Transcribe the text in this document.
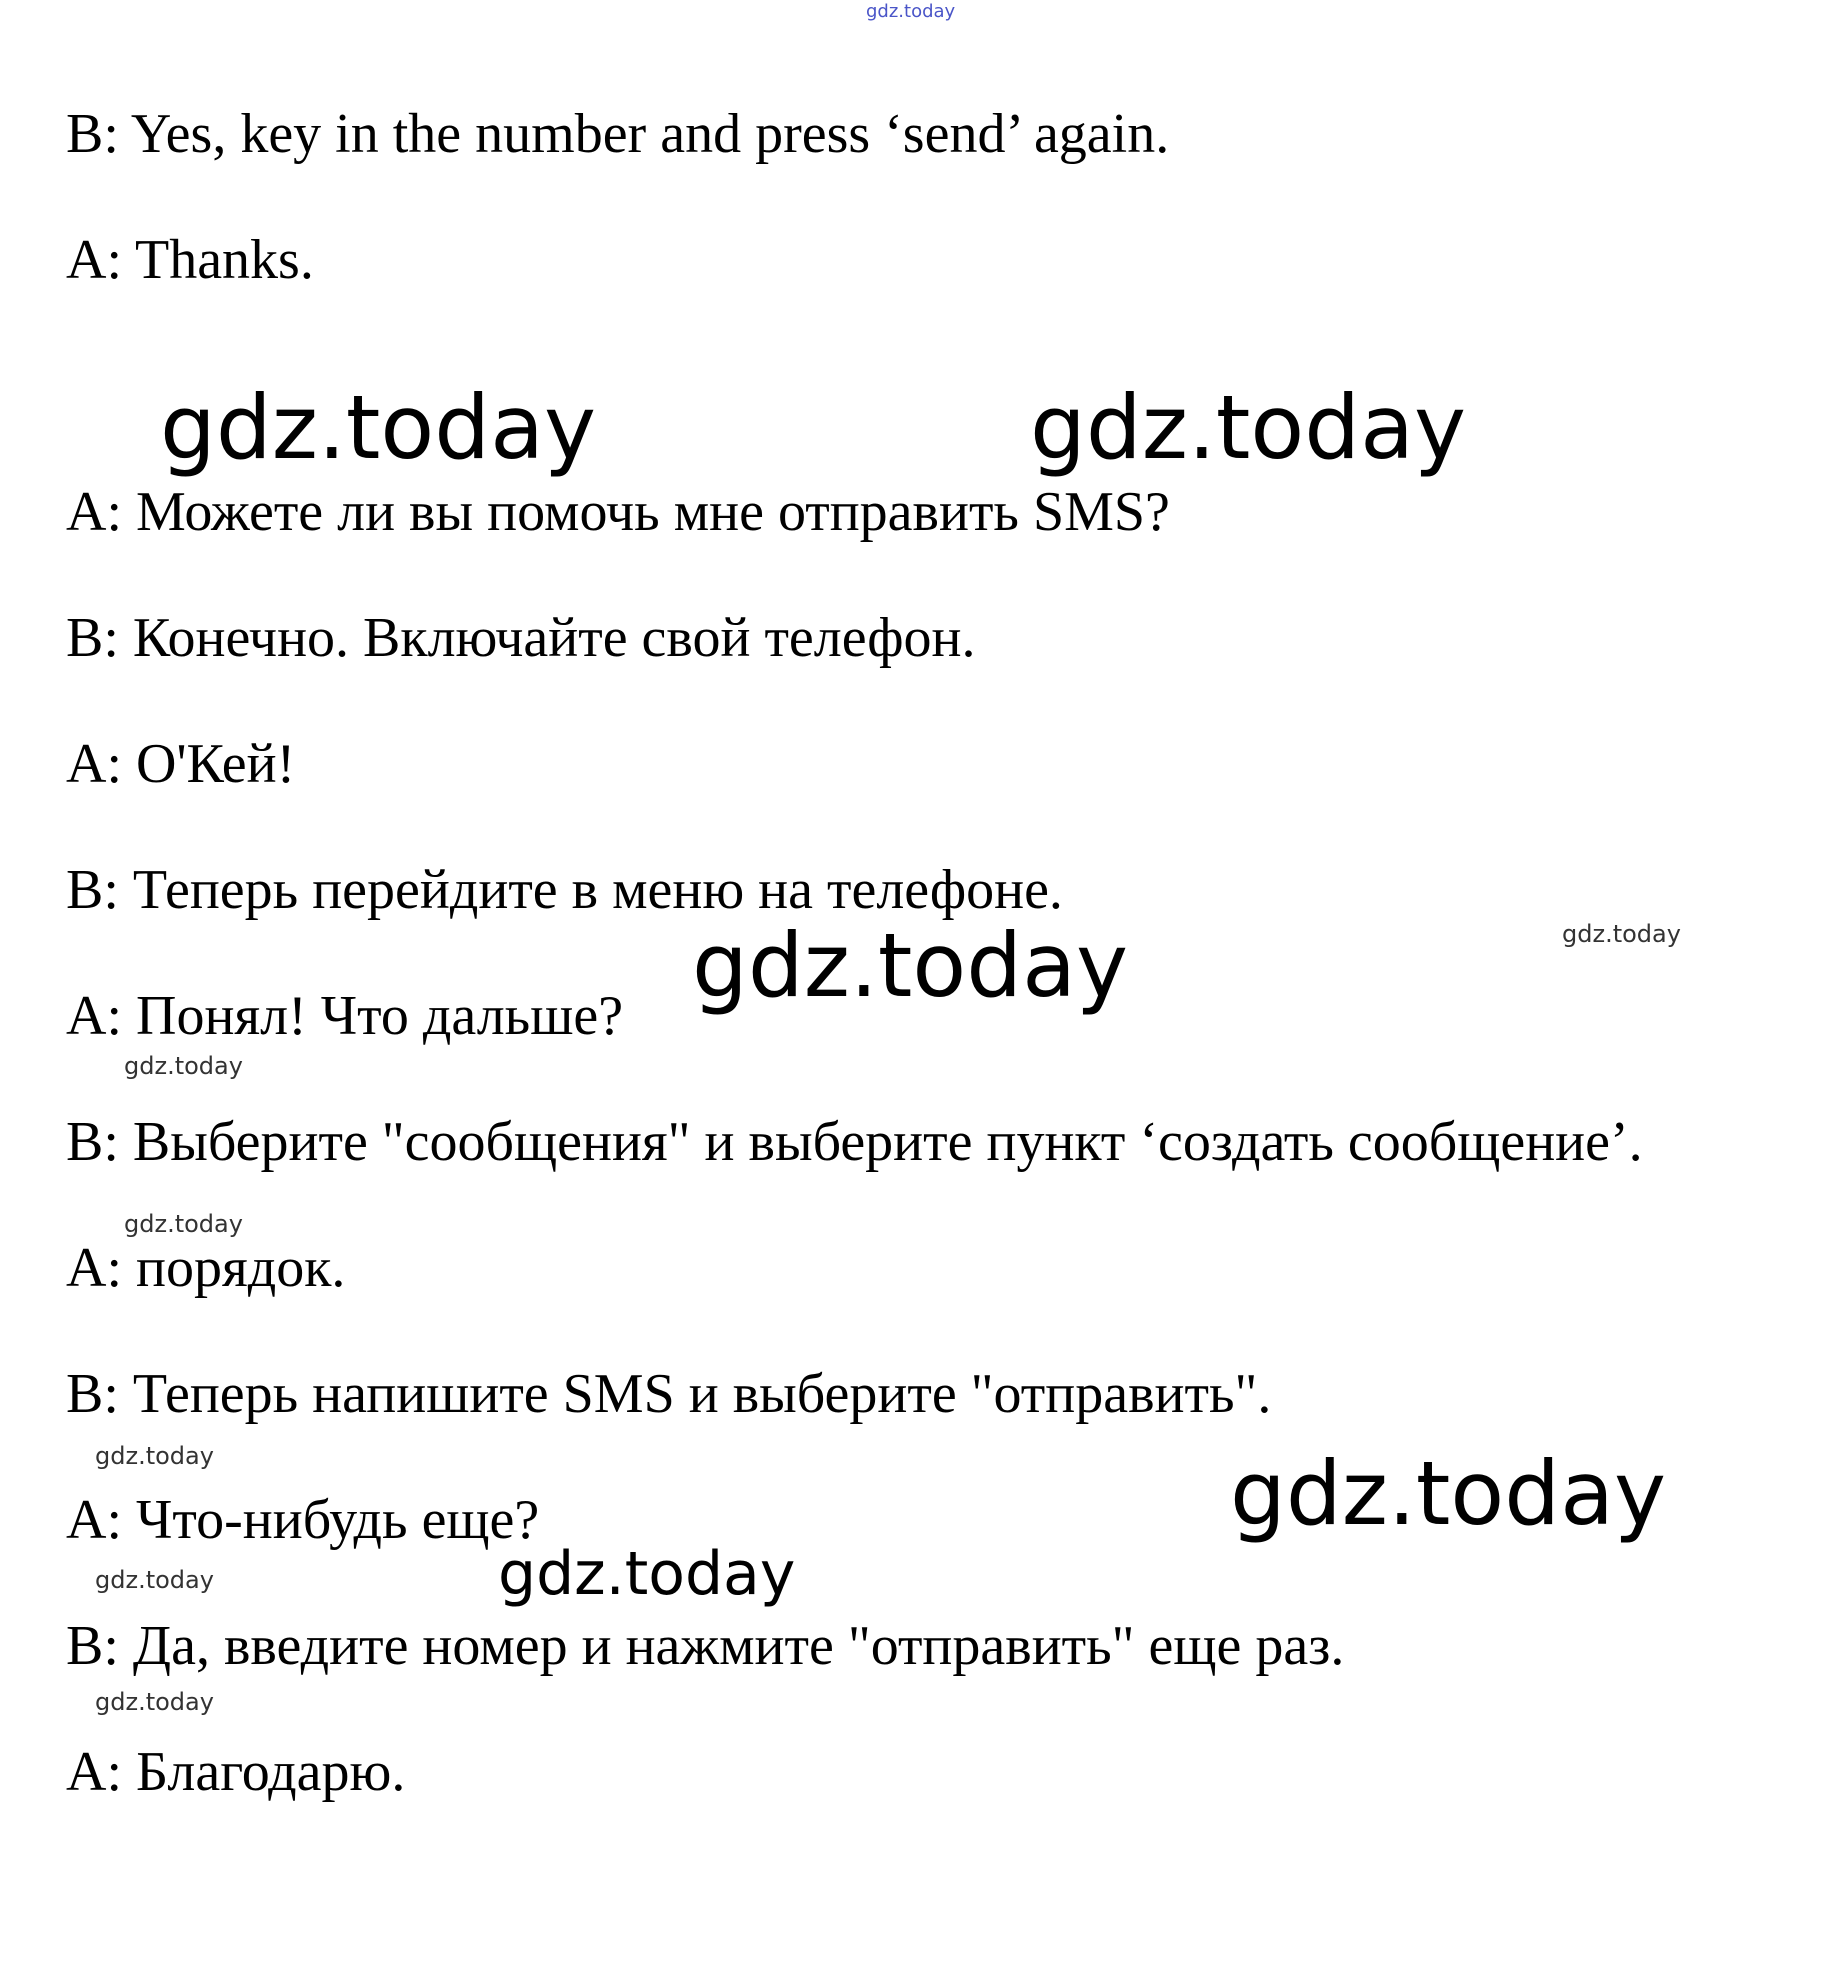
gdz.today

B: Yes, key in the number and press ‘send’ again.

A: Thanks.

gdz.today	gdz.today

A: Можете ли вы помочь мне отправить SMS?

B: Конечно. Включайте свой телефон.

A: О'Кей!

B: Теперь перейдите в меню на телефоне.

gdz.today
gdz.today

A: Понял! Что дальше?

gdz.today

B: Выберите "сообщения" и выберите пункт ‘создать сообщение’.

gdz.today

A: порядок.

B: Теперь напишите SMS и выберите "отправить".

gdz.today	gdz.today

A: Что-нибудь еще?

gdz.today
gdz.today

B: Да, введите номер и нажмите "отправить" еще раз.

gdz.today

A: Благодарю.
